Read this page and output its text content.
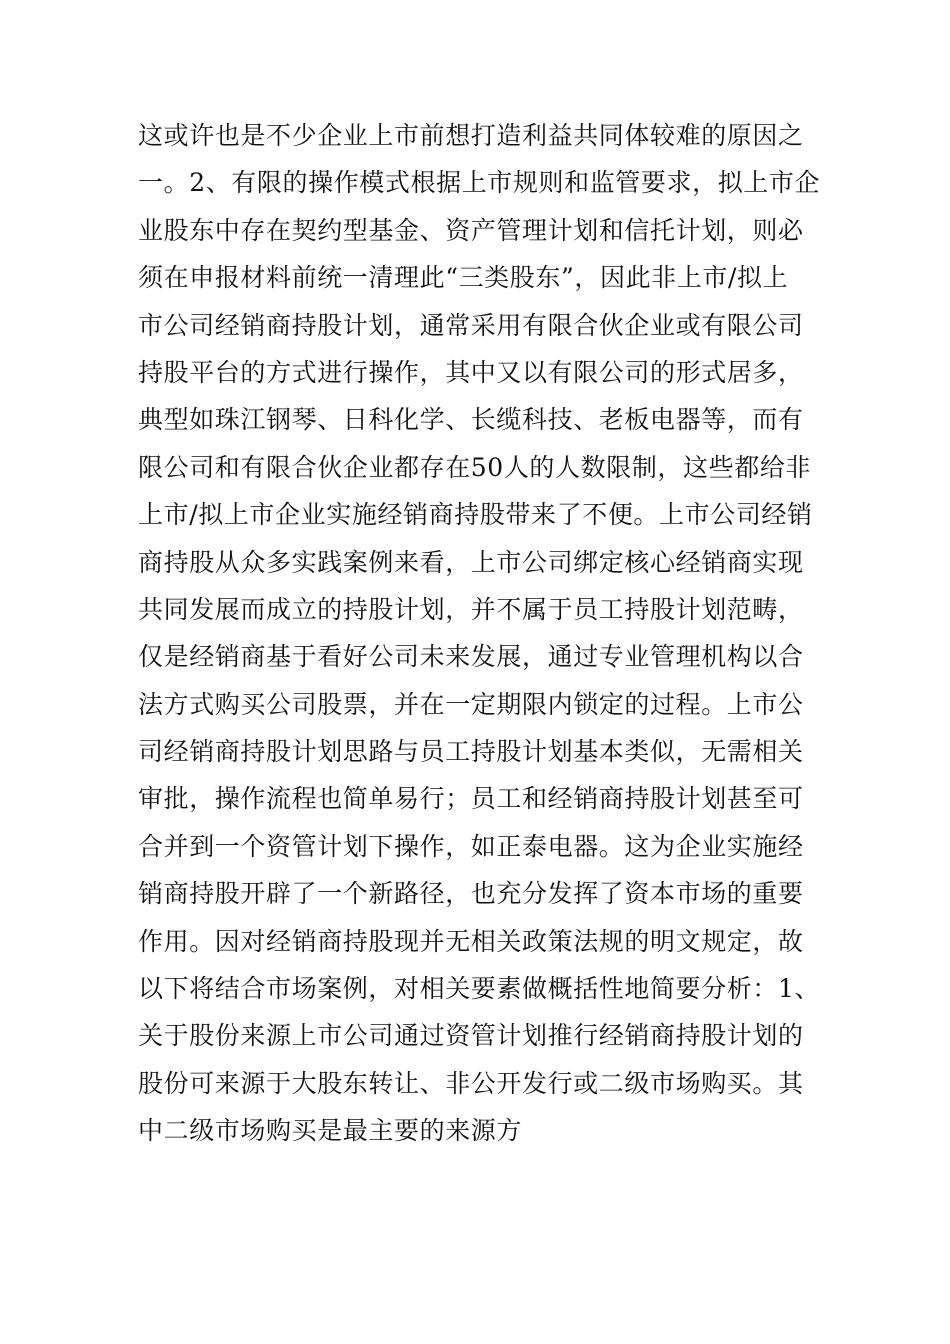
这或许也是不少企业上市前想打造利益共同体较难的原因之
一。2、有限的操作模式根据上市规则和监管要求，拟上市企
业股东中存在契约型基金、资产管理计划和信托计划，则必
须在申报材料前统一清理此“三类股东”，因此非上市/拟上
市公司经销商持股计划，通常采用有限合伙企业或有限公司
持股平台的方式进行操作，其中又以有限公司的形式居多，
典型如珠江钢琴、日科化学、长缆科技、老板电器等，而有
限公司和有限合伙企业都存在50人的人数限制，这些都给非
上市/拟上市企业实施经销商持股带来了不便。上市公司经销
商持股从众多实践案例来看，上市公司绑定核心经销商实现
共同发展而成立的持股计划，并不属于员工持股计划范畴，
仅是经销商基于看好公司未来发展，通过专业管理机构以合
法方式购买公司股票，并在一定期限内锁定的过程。上市公
司经销商持股计划思路与员工持股计划基本类似，无需相关
审批，操作流程也简单易行；员工和经销商持股计划甚至可
合并到一个资管计划下操作，如正泰电器。这为企业实施经
销商持股开辟了一个新路径，也充分发挥了资本市场的重要
作用。因对经销商持股现并无相关政策法规的明文规定，故
以下将结合市场案例，对相关要素做概括性地简要分析：1、
关于股份来源上市公司通过资管计划推行经销商持股计划的
股份可来源于大股东转让、非公开发行或二级市场购买。其
中二级市场购买是最主要的来源方
